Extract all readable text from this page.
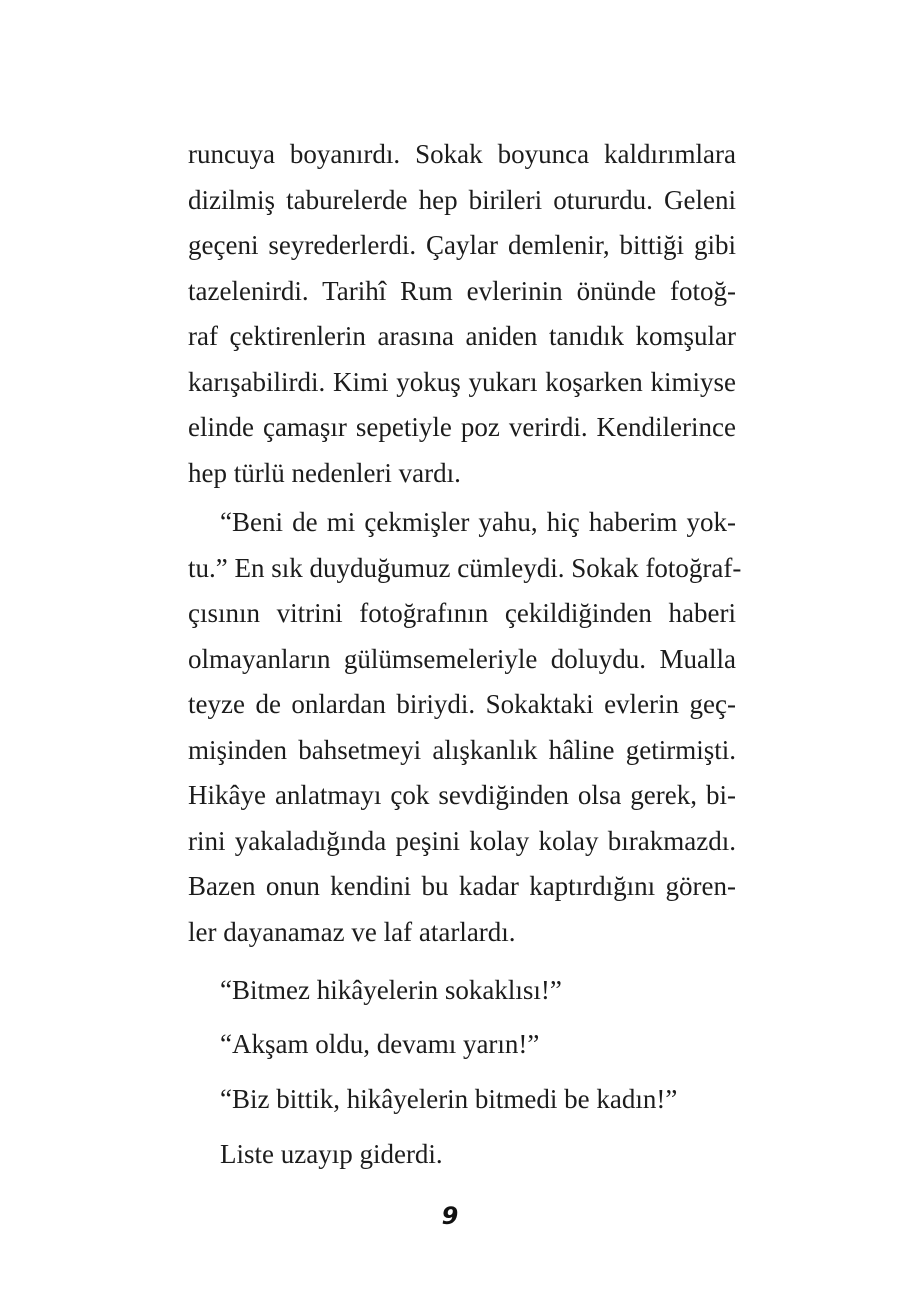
runcuya boyanırdı. Sokak boyunca kaldırımlara
dizilmiş taburelerde hep birileri otururdu. Geleni
geçeni seyrederlerdi. Çaylar demlenir, bittiği gibi
tazelenirdi. Tarihî Rum evlerinin önünde fotoğ-
raf çektirenlerin arasına aniden tanıdık komşular
karışabilirdi. Kimi yokuş yukarı koşarken kimiyse
elinde çamaşır sepetiyle poz verirdi. Kendilerince
hep türlü nedenleri vardı.

“Beni de mi çekmişler yahu, hiç haberim yok-
tu.” En sık duyduğumuz cümleydi. Sokak fotoğraf-
çısının vitrini fotoğrafının çekildiğinden haberi
olmayanların gülümsemeleriyle doluydu. Mualla
teyze de onlardan biriydi. Sokaktaki evlerin geç-
mişinden bahsetmeyi alışkanlık hâline getirmişti.
Hikâye anlatmayı çok sevdiğinden olsa gerek, bi-
rini yakaladığında peşini kolay kolay bırakmazdı.
Bazen onun kendini bu kadar kaptırdığını gören-
ler dayanamaz ve laf atarlardı.

“Bitmez hikâyelerin sokaklısı!”

“Akşam oldu, devamı yarın!”

“Biz bittik, hikâyelerin bitmedi be kadın!”

Liste uzayıp giderdi.

9
